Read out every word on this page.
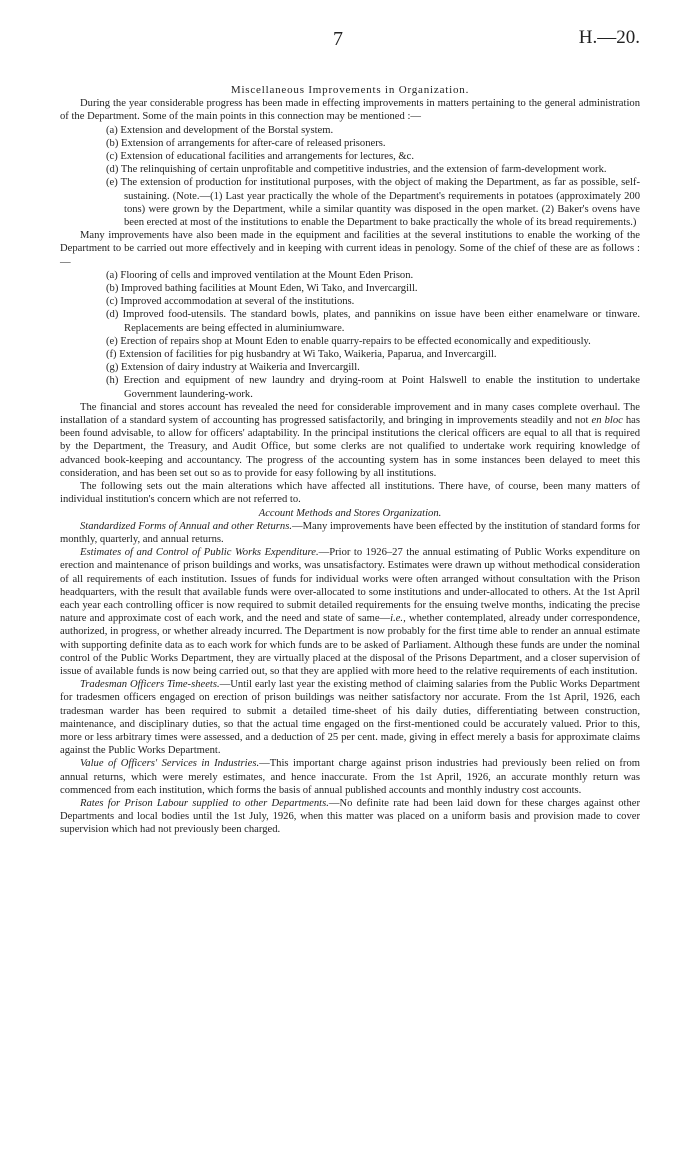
7	H.—20.

Miscellaneous Improvements in Organization.

During the year considerable progress has been made in effecting improvements in matters pertaining to the general administration of the Department. Some of the main points in this connection may be mentioned :—

(a) Extension and development of the Borstal system.

(b) Extension of arrangements for after-care of released prisoners.

(c) Extension of educational facilities and arrangements for lectures, &c.

(d) The relinquishing of certain unprofitable and competitive industries, and the extension of farm-development work.

(e) The extension of production for institutional purposes, with the object of making the Department, as far as possible, self-sustaining. (Note.—(1) Last year practically the whole of the Department's requirements in potatoes (approximately 200 tons) were grown by the Department, while a similar quantity was disposed in the open market. (2) Baker's ovens have been erected at most of the institutions to enable the Department to bake practically the whole of its bread requirements.)

Many improvements have also been made in the equipment and facilities at the several institutions to enable the working of the Department to be carried out more effectively and in keeping with current ideas in penology. Some of the chief of these are as follows :—

(a) Flooring of cells and improved ventilation at the Mount Eden Prison.

(b) Improved bathing facilities at Mount Eden, Wi Tako, and Invercargill.

(c) Improved accommodation at several of the institutions.

(d) Improved food-utensils. The standard bowls, plates, and pannikins on issue have been either enamelware or tinware. Replacements are being effected in aluminiumware.

(e) Erection of repairs shop at Mount Eden to enable quarry-repairs to be effected economically and expeditiously.

(f) Extension of facilities for pig husbandry at Wi Tako, Waikeria, Paparua, and Invercargill.

(g) Extension of dairy industry at Waikeria and Invercargill.

(h) Erection and equipment of new laundry and drying-room at Point Halswell to enable the institution to undertake Government laundering-work.

The financial and stores account has revealed the need for considerable improvement and in many cases complete overhaul. The installation of a standard system of accounting has progressed satisfactorily, and bringing in improvements steadily and not en bloc has been found advisable, to allow for officers' adaptability. In the principal institutions the clerical officers are equal to all that is required by the Department, the Treasury, and Audit Office, but some clerks are not qualified to undertake work requiring knowledge of advanced book-keeping and accountancy. The progress of the accounting system has in some instances been delayed to meet this consideration, and has been set out so as to provide for easy following by all institutions.

The following sets out the main alterations which have affected all institutions. There have, of course, been many matters of individual institution's concern which are not referred to.

Account Methods and Stores Organization.

Standardized Forms of Annual and other Returns.—Many improvements have been effected by the institution of standard forms for monthly, quarterly, and annual returns.

Estimates of and Control of Public Works Expenditure.—Prior to 1926–27 the annual estimating of Public Works expenditure on erection and maintenance of prison buildings and works, was unsatisfactory. Estimates were drawn up without methodical consideration of all requirements of each institution. Issues of funds for individual works were often arranged without consultation with the Prison headquarters, with the result that available funds were over-allocated to some institutions and under-allocated to others. At the 1st April each year each controlling officer is now required to submit detailed requirements for the ensuing twelve months, indicating the precise nature and approximate cost of each work, and the need and state of same—i.e., whether contemplated, already under correspondence, authorized, in progress, or whether already incurred. The Department is now probably for the first time able to render an annual estimate with supporting definite data as to each work for which funds are to be asked of Parliament. Although these funds are under the nominal control of the Public Works Department, they are virtually placed at the disposal of the Prisons Department, and a closer supervision of issue of available funds is now being carried out, so that they are applied with more heed to the relative requirements of each institution.

Tradesman Officers Time-sheets.—Until early last year the existing method of claiming salaries from the Public Works Department for tradesmen officers engaged on erection of prison buildings was neither satisfactory nor accurate. From the 1st April, 1926, each tradesman warder has been required to submit a detailed time-sheet of his daily duties, differentiating between construction, maintenance, and disciplinary duties, so that the actual time engaged on the first-mentioned could be accurately valued. Prior to this, more or less arbitrary times were assessed, and a deduction of 25 per cent. made, giving in effect merely a basis for approximate claims against the Public Works Department.

Value of Officers' Services in Industries.—This important charge against prison industries had previously been relied on from annual returns, which were merely estimates, and hence inaccurate. From the 1st April, 1926, an accurate monthly return was commenced from each institution, which forms the basis of annual published accounts and monthly industry cost accounts.

Rates for Prison Labour supplied to other Departments.—No definite rate had been laid down for these charges against other Departments and local bodies until the 1st July, 1926, when this matter was placed on a uniform basis and provision made to cover supervision which had not previously been charged.
